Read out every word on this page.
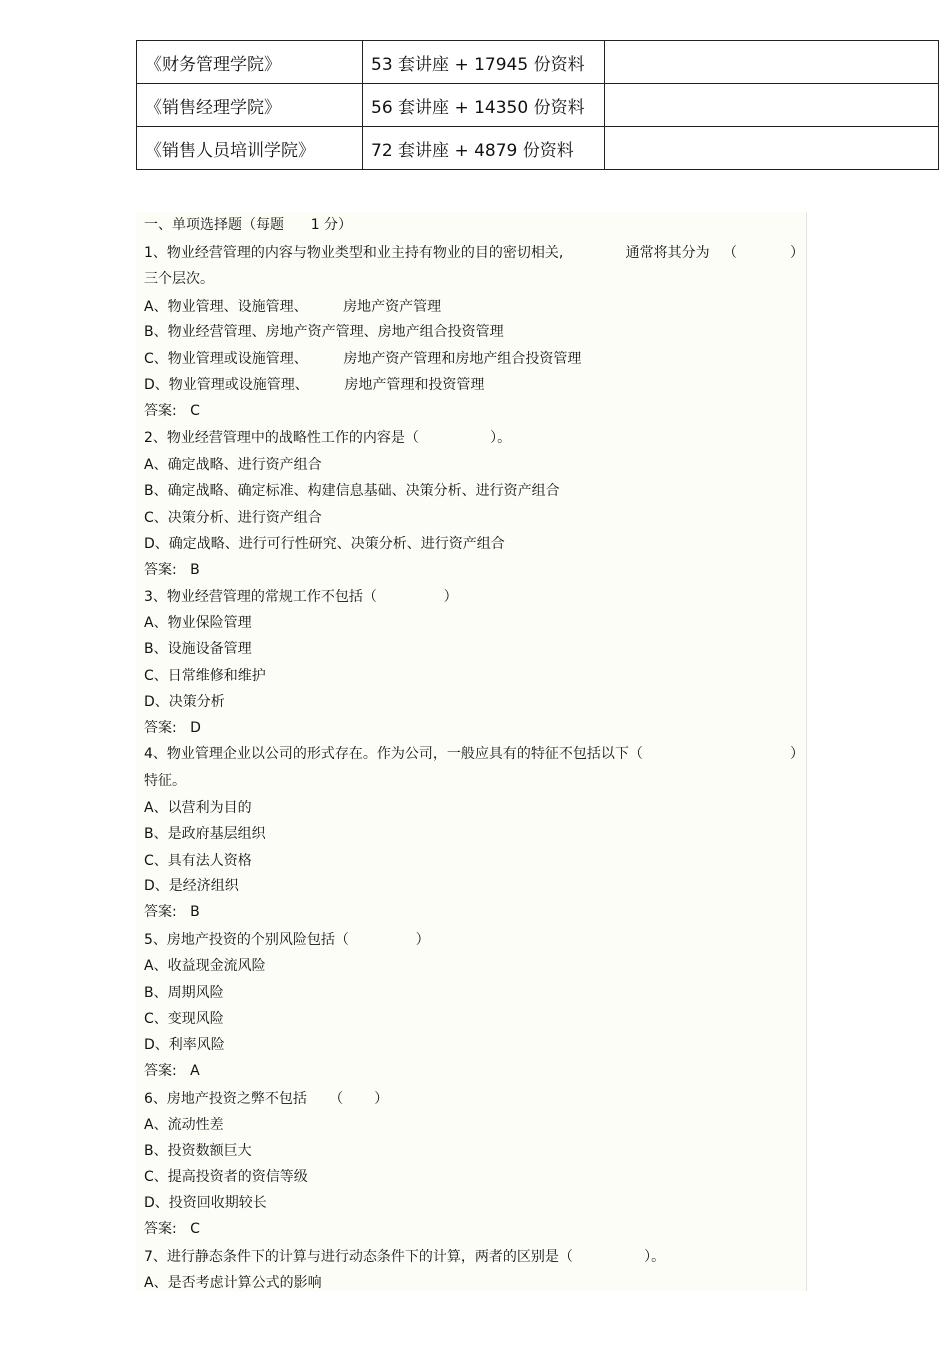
《财务管理学院》	53 套讲座 + 17945 份资料	
《销售经理学院》	56 套讲座 + 14350 份资料	
《销售人员培训学院》	72 套讲座 + 4879 份资料	
一、单项选择题（每题      1 分）
1、物业经营管理的内容与物业类型和业主持有物业的目的密切相关,              通常将其分为   （	）
三个层次。
A、物业管理、设施管理、        房地产资产管理
B、物业经营管理、房地产资产管理、房地产组合投资管理
C、物业管理或设施管理、        房地产资产管理和房地产组合投资管理
D、物业管理或设施管理、        房地产管理和投资管理
答案:   C
2、物业经营管理中的战略性工作的内容是（                ）。
A、确定战略、进行资产组合
B、确定战略、确定标准、构建信息基础、决策分析、进行资产组合
C、决策分析、进行资产组合
D、确定战略、进行可行性研究、决策分析、进行资产组合
答案:   B
3、物业经营管理的常规工作不包括（               ）
A、物业保险管理
B、设施设备管理
C、日常维修和维护
D、决策分析
答案:   D
4、物业管理企业以公司的形式存在。作为公司，一般应具有的特征不包括以下（	）
特征。
A、以营利为目的
B、是政府基层组织
C、具有法人资格
D、是经济组织
答案:   B
5、房地产投资的个别风险包括（               ）
A、收益现金流风险
B、周期风险
C、变现风险
D、利率风险
答案:   A
6、房地产投资之弊不包括     （       ）
A、流动性差
B、投资数额巨大
C、提高投资者的资信等级
D、投资回收期较长
答案:   C
7、进行静态条件下的计算与进行动态条件下的计算，两者的区别是（                ）。
A、是否考虑计算公式的影响
